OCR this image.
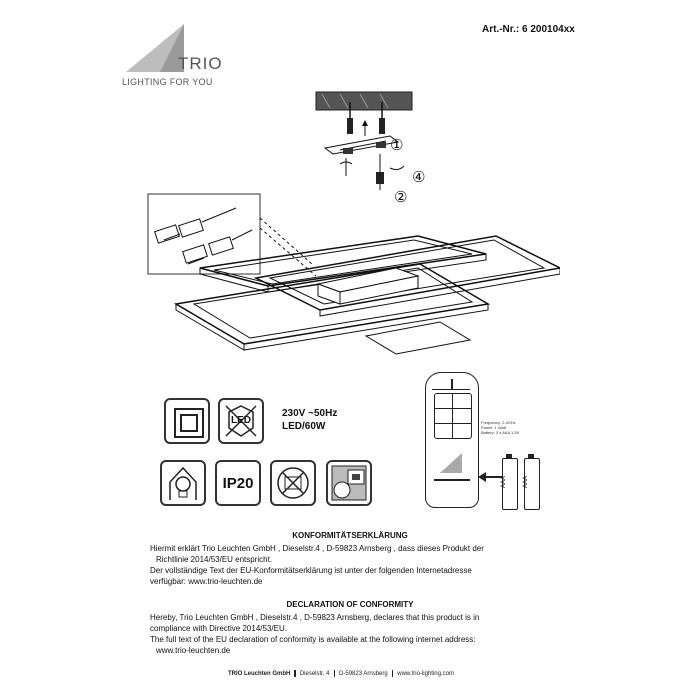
TRIO
LIGHTING FOR YOU
Art.-Nr.: 6 200104xx
①
②
④
LED
230V ~50Hz
LED/60W
IP20
Frequency: 2.4GHz
Power: 1 Watt
Battery: 2 x AAA 1.5V
AAA	AAA
KONFORMITÄTSERKLÄRUNG
Hiermit erklärt Trio Leuchten GmbH , Dieselstr.4 , D-59823 Arnsberg , dass dieses Produkt der
Richtlinie 2014/53/EU entspricht.
Der vollständige Text der EU-Konformitätserklärung ist unter der folgenden Internetadresse
verfügbar: www.trio-leuchten.de
DECLARATION OF CONFORMITY
Hereby, Trio Leuchten GmbH , Dieselstr.4 , D-59823 Arnsberg, declares that this product is in
compliance with Directive 2014/53/EU.
The full text of the EU declaration of conformity is available at the following internet address:
www.trio-leuchten.de
TRIO Leuchten GmbH Dieselstr. 4 D-59823 Arnsberg www.trio-lighting.com
